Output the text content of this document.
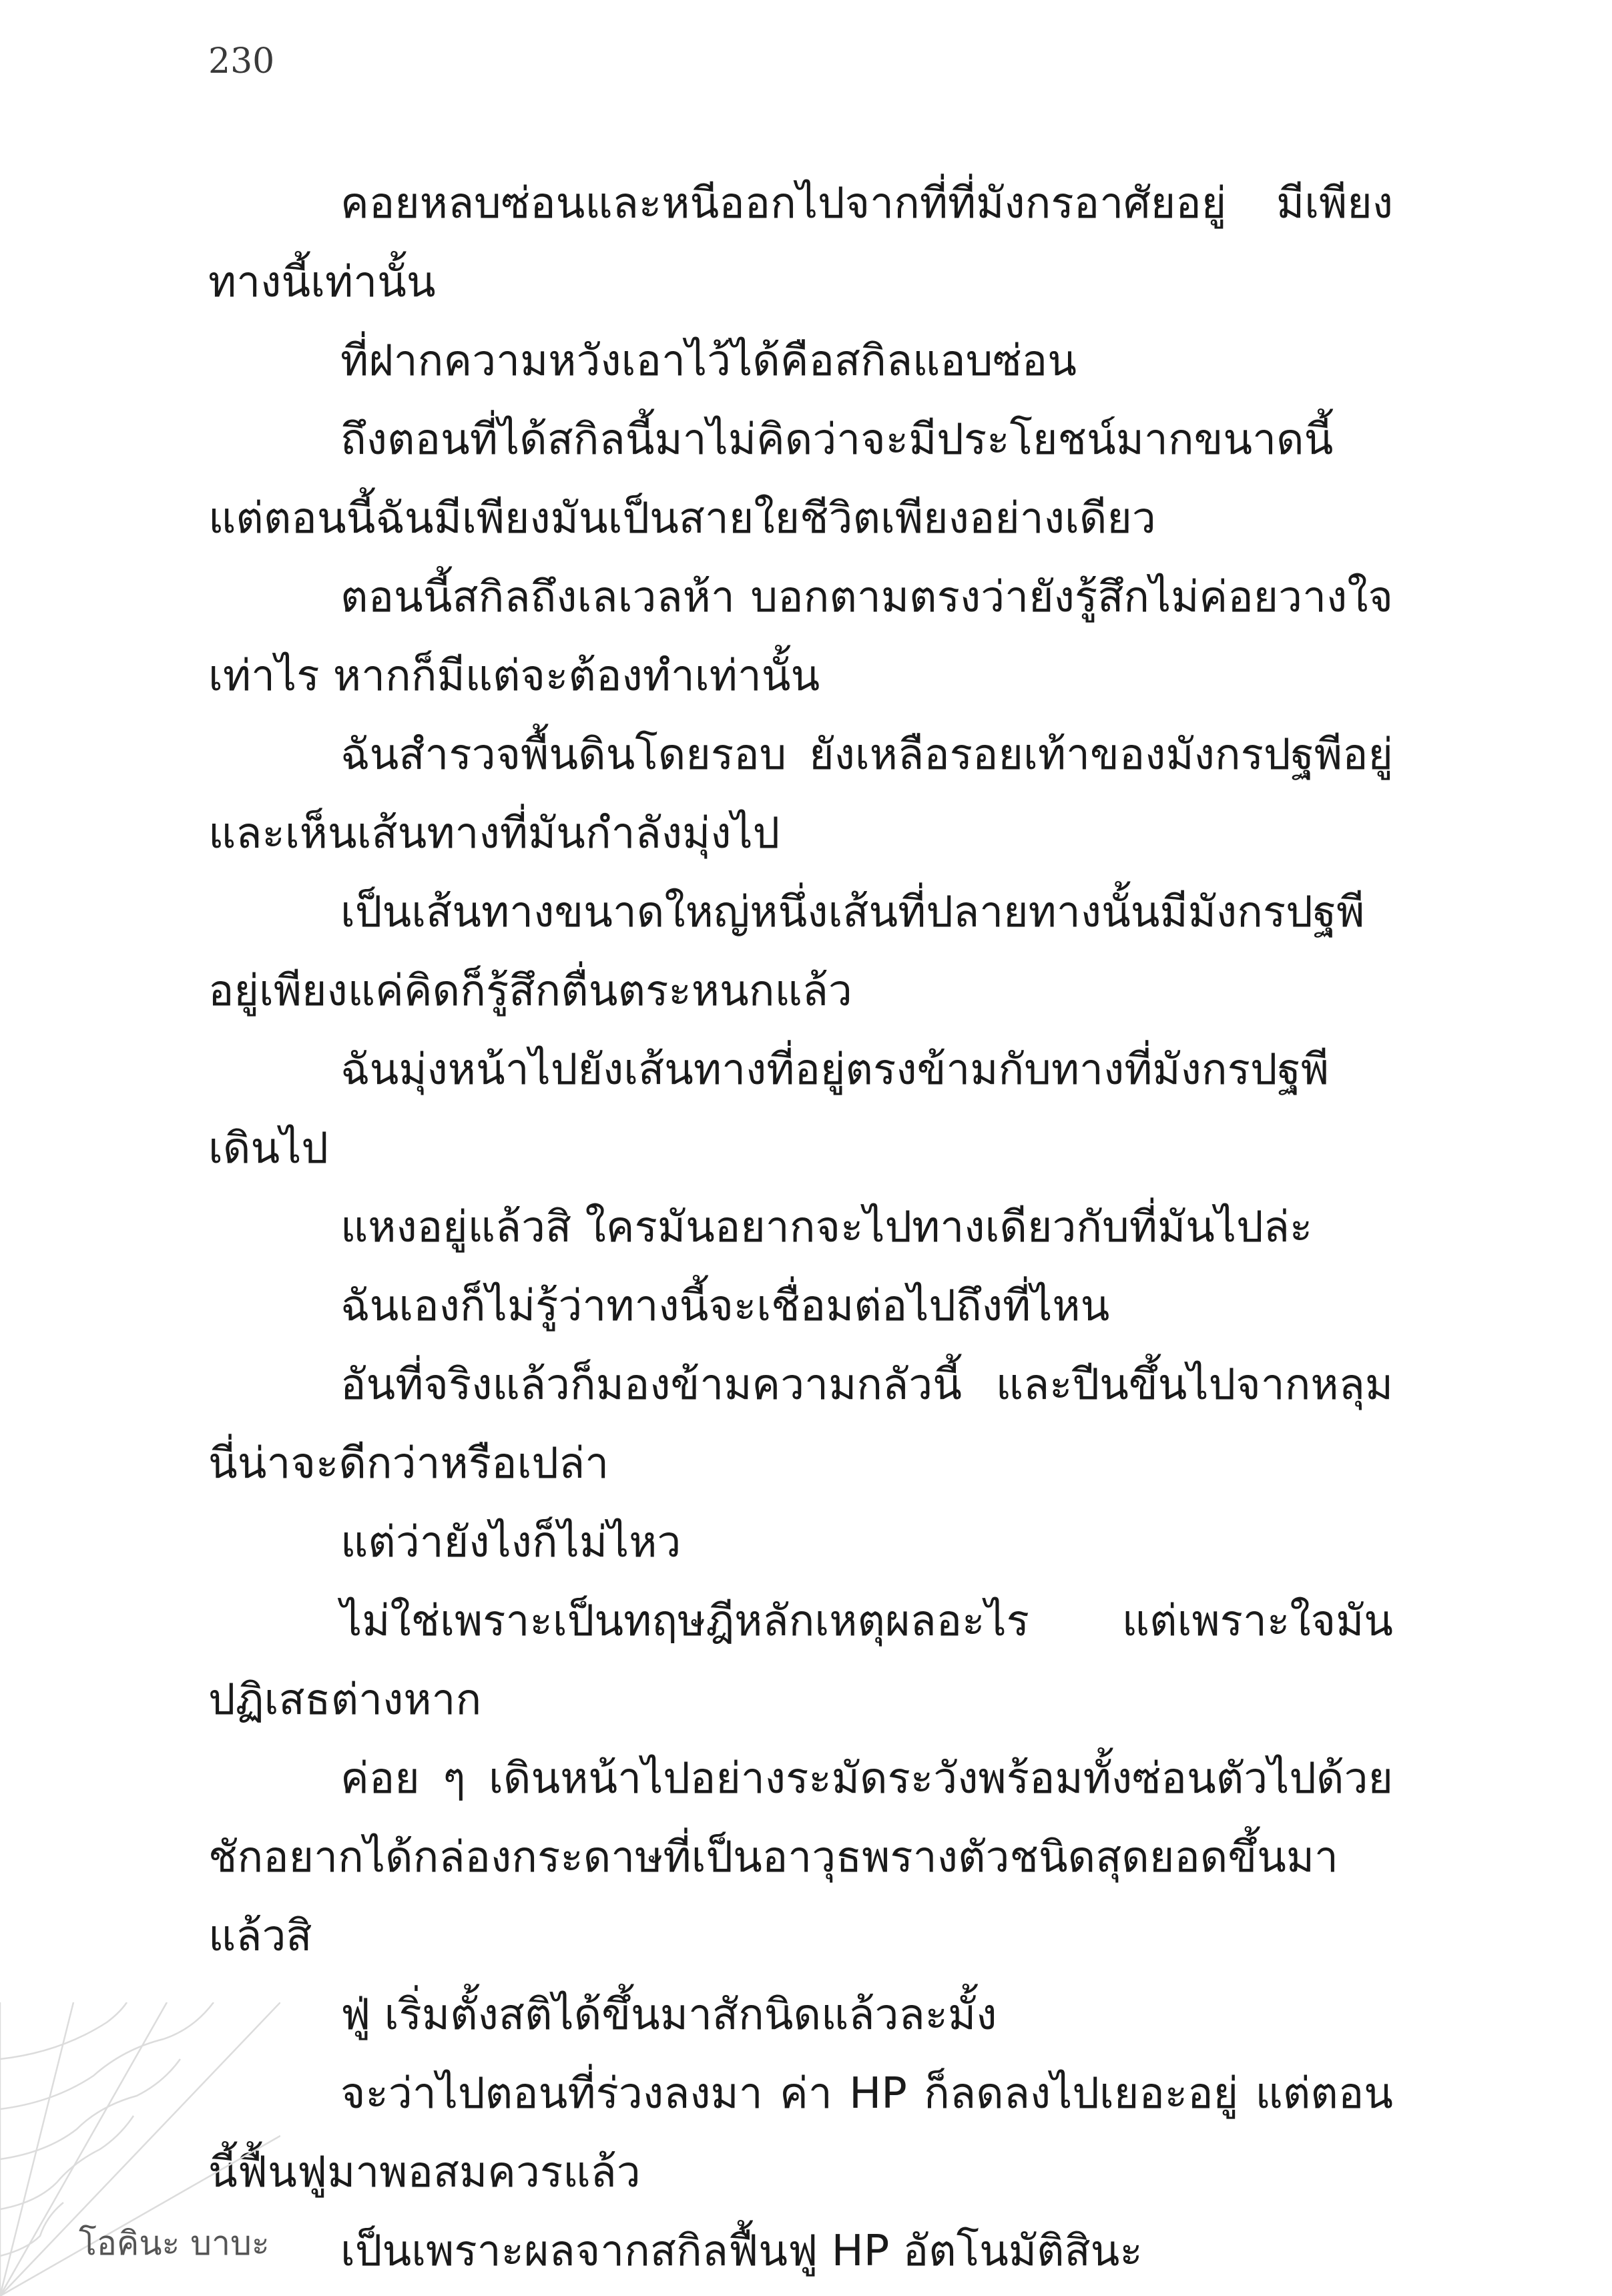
230

คอยหลบซ่อนและหนีออกไปจากที่ที่มังกรอาศัยอยู่ มีเพียงทางนี้เท่านั้น

ที่ฝากความหวังเอาไว้ได้คือสกิลแอบซ่อน

ถึงตอนที่ได้สกิลนี้มาไม่คิดว่าจะมีประโยชน์มากขนาดนี้ แต่ตอนนี้ฉันมีเพียงมันเป็นสายใยชีวิตเพียงอย่างเดียว

ตอนนี้สกิลถึงเลเวลห้า บอกตามตรงว่ายังรู้สึกไม่ค่อยวางใจเท่าไร หากก็มีแต่จะต้องทำเท่านั้น

ฉันสำรวจพื้นดินโดยรอบ ยังเหลือรอยเท้าของมังกรปฐพีอยู่และเห็นเส้นทางที่มันกำลังมุ่งไป

เป็นเส้นทางขนาดใหญ่หนึ่งเส้นที่ปลายทางนั้นมีมังกรปฐพีอยู่เพียงแค่คิดก็รู้สึกตื่นตระหนกแล้ว

ฉันมุ่งหน้าไปยังเส้นทางที่อยู่ตรงข้ามกับทางที่มังกรปฐพีเดินไป

แหงอยู่แล้วสิ ใครมันอยากจะไปทางเดียวกับที่มันไปล่ะ

ฉันเองก็ไม่รู้ว่าทางนี้จะเชื่อมต่อไปถึงที่ไหน

อันที่จริงแล้วก็มองข้ามความกลัวนี้ และปีนขึ้นไปจากหลุมนี่น่าจะดีกว่าหรือเปล่า

แต่ว่ายังไงก็ไม่ไหว

ไม่ใช่เพราะเป็นทฤษฎีหลักเหตุผลอะไร แต่เพราะใจมันปฏิเสธต่างหาก

ค่อย ๆ เดินหน้าไปอย่างระมัดระวังพร้อมทั้งซ่อนตัวไปด้วย ชักอยากได้กล่องกระดาษที่เป็นอาวุธพรางตัวชนิดสุดยอดขึ้นมาแล้วสิ

ฟู่ เริ่มตั้งสติได้ขึ้นมาสักนิดแล้วละมั้ง

จะว่าไปตอนที่ร่วงลงมา ค่า HP ก็ลดลงไปเยอะอยู่ แต่ตอนนี้ฟื้นฟูมาพอสมควรแล้ว

เป็นเพราะผลจากสกิลฟื้นฟู HP อัตโนมัติสินะ

โอคินะ บาบะ
